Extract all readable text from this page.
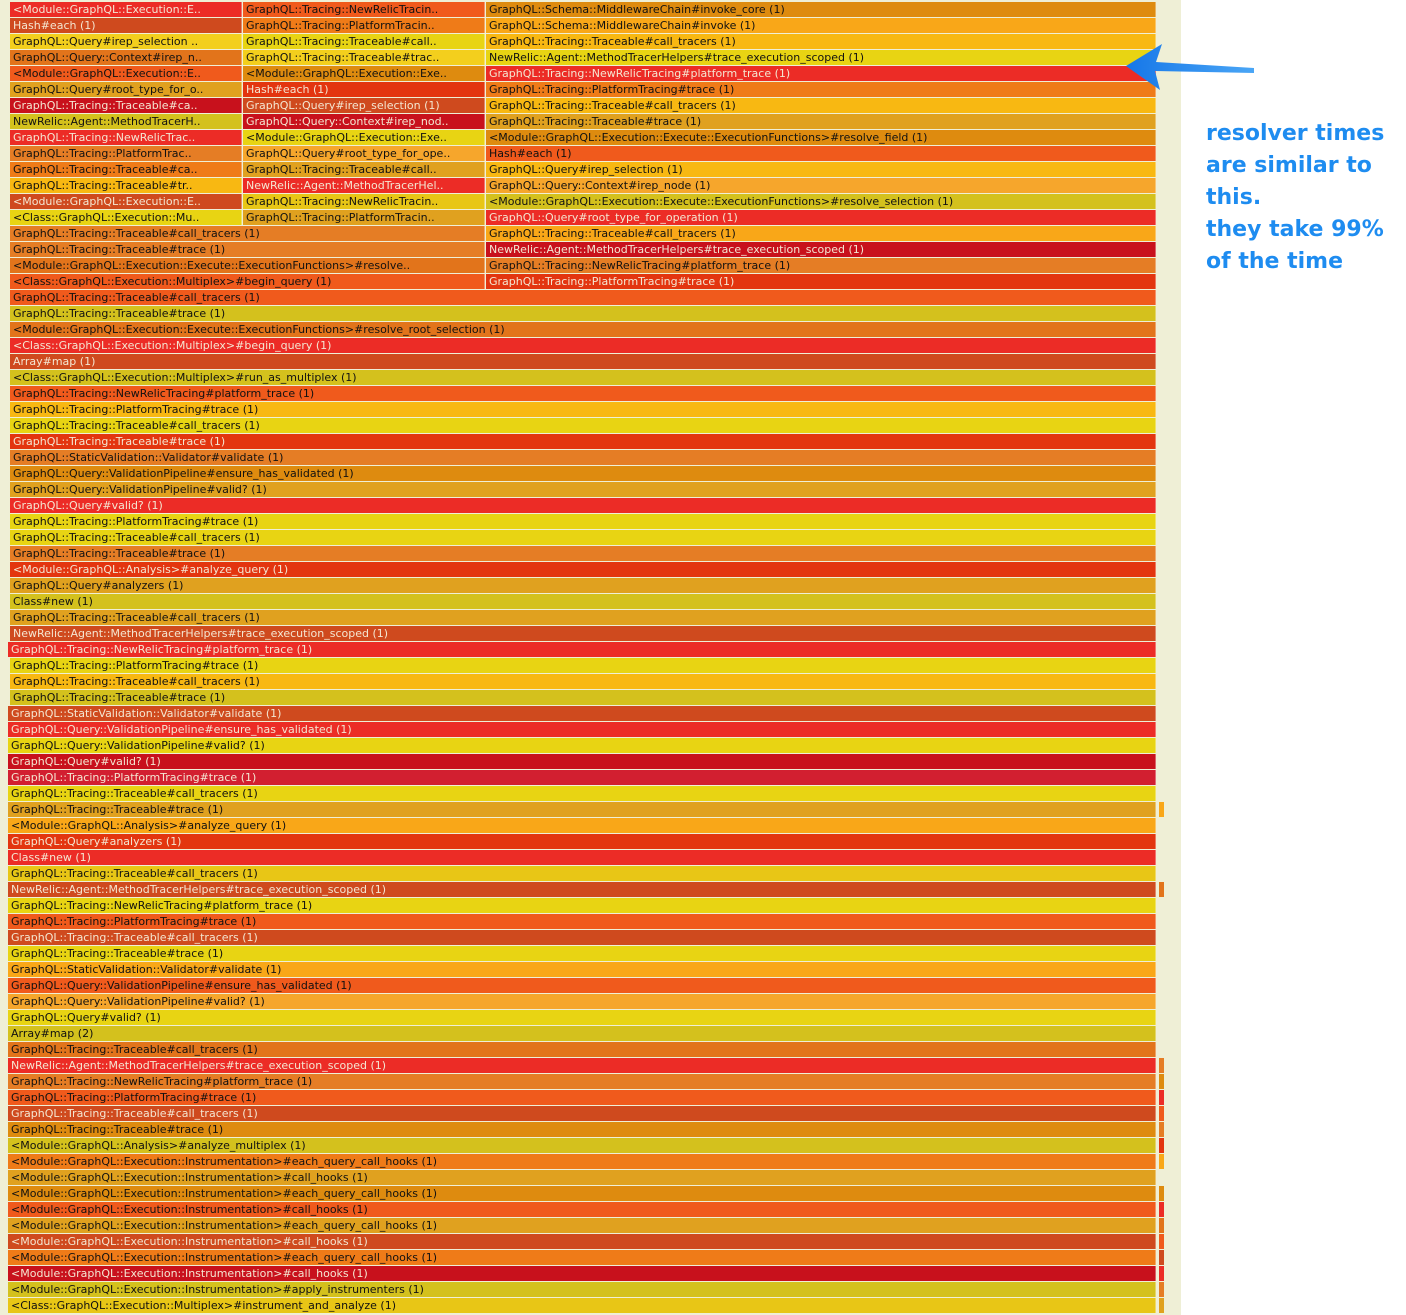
<Module::GraphQL::Execution::E..	GraphQL::Tracing::NewRelicTracin..	GraphQL::Schema::MiddlewareChain#invoke_core (1)
Hash#each (1)	GraphQL::Tracing::PlatformTracin..	GraphQL::Schema::MiddlewareChain#invoke (1)
GraphQL::Query#irep_selection ..	GraphQL::Tracing::Traceable#call..	GraphQL::Tracing::Traceable#call_tracers (1)
GraphQL::Query::Context#irep_n..	GraphQL::Tracing::Traceable#trac..	NewRelic::Agent::MethodTracerHelpers#trace_execution_scoped (1)
<Module::GraphQL::Execution::E..	<Module::GraphQL::Execution::Exe..	GraphQL::Tracing::NewRelicTracing#platform_trace (1)
GraphQL::Query#root_type_for_o..	Hash#each (1)	GraphQL::Tracing::PlatformTracing#trace (1)
GraphQL::Tracing::Traceable#ca..	GraphQL::Query#irep_selection (1)	GraphQL::Tracing::Traceable#call_tracers (1)
NewRelic::Agent::MethodTracerH..	GraphQL::Query::Context#irep_nod..	GraphQL::Tracing::Traceable#trace (1)
GraphQL::Tracing::NewRelicTrac..	<Module::GraphQL::Execution::Exe..	<Module::GraphQL::Execution::Execute::ExecutionFunctions>#resolve_field (1)
GraphQL::Tracing::PlatformTrac..	GraphQL::Query#root_type_for_ope..	Hash#each (1)
GraphQL::Tracing::Traceable#ca..	GraphQL::Tracing::Traceable#call..	GraphQL::Query#irep_selection (1)
GraphQL::Tracing::Traceable#tr..	NewRelic::Agent::MethodTracerHel..	GraphQL::Query::Context#irep_node (1)
<Module::GraphQL::Execution::E..	GraphQL::Tracing::NewRelicTracin..	<Module::GraphQL::Execution::Execute::ExecutionFunctions>#resolve_selection (1)
<Class::GraphQL::Execution::Mu..	GraphQL::Tracing::PlatformTracin..	GraphQL::Query#root_type_for_operation (1)
GraphQL::Tracing::Traceable#call_tracers (1)	GraphQL::Tracing::Traceable#call_tracers (1)
GraphQL::Tracing::Traceable#trace (1)	NewRelic::Agent::MethodTracerHelpers#trace_execution_scoped (1)
<Module::GraphQL::Execution::Execute::ExecutionFunctions>#resolve..	GraphQL::Tracing::NewRelicTracing#platform_trace (1)
<Class::GraphQL::Execution::Multiplex>#begin_query (1)	GraphQL::Tracing::PlatformTracing#trace (1)
GraphQL::Tracing::Traceable#call_tracers (1)
GraphQL::Tracing::Traceable#trace (1)
<Module::GraphQL::Execution::Execute::ExecutionFunctions>#resolve_root_selection (1)
<Class::GraphQL::Execution::Multiplex>#begin_query (1)
Array#map (1)
<Class::GraphQL::Execution::Multiplex>#run_as_multiplex (1)
GraphQL::Tracing::NewRelicTracing#platform_trace (1)
GraphQL::Tracing::PlatformTracing#trace (1)
GraphQL::Tracing::Traceable#call_tracers (1)
GraphQL::Tracing::Traceable#trace (1)
GraphQL::StaticValidation::Validator#validate (1)
GraphQL::Query::ValidationPipeline#ensure_has_validated (1)
GraphQL::Query::ValidationPipeline#valid? (1)
GraphQL::Query#valid? (1)
GraphQL::Tracing::PlatformTracing#trace (1)
GraphQL::Tracing::Traceable#call_tracers (1)
GraphQL::Tracing::Traceable#trace (1)
<Module::GraphQL::Analysis>#analyze_query (1)
GraphQL::Query#analyzers (1)
Class#new (1)
GraphQL::Tracing::Traceable#call_tracers (1)
NewRelic::Agent::MethodTracerHelpers#trace_execution_scoped (1)
GraphQL::Tracing::NewRelicTracing#platform_trace (1)
GraphQL::Tracing::PlatformTracing#trace (1)
GraphQL::Tracing::Traceable#call_tracers (1)
GraphQL::Tracing::Traceable#trace (1)
GraphQL::StaticValidation::Validator#validate (1)
GraphQL::Query::ValidationPipeline#ensure_has_validated (1)
GraphQL::Query::ValidationPipeline#valid? (1)
GraphQL::Query#valid? (1)
GraphQL::Tracing::PlatformTracing#trace (1)
GraphQL::Tracing::Traceable#call_tracers (1)
GraphQL::Tracing::Traceable#trace (1)
<Module::GraphQL::Analysis>#analyze_query (1)
GraphQL::Query#analyzers (1)
Class#new (1)
GraphQL::Tracing::Traceable#call_tracers (1)
NewRelic::Agent::MethodTracerHelpers#trace_execution_scoped (1)
GraphQL::Tracing::NewRelicTracing#platform_trace (1)
GraphQL::Tracing::PlatformTracing#trace (1)
GraphQL::Tracing::Traceable#call_tracers (1)
GraphQL::Tracing::Traceable#trace (1)
GraphQL::StaticValidation::Validator#validate (1)
GraphQL::Query::ValidationPipeline#ensure_has_validated (1)
GraphQL::Query::ValidationPipeline#valid? (1)
GraphQL::Query#valid? (1)
Array#map (2)
GraphQL::Tracing::Traceable#call_tracers (1)
NewRelic::Agent::MethodTracerHelpers#trace_execution_scoped (1)
GraphQL::Tracing::NewRelicTracing#platform_trace (1)
GraphQL::Tracing::PlatformTracing#trace (1)
GraphQL::Tracing::Traceable#call_tracers (1)
GraphQL::Tracing::Traceable#trace (1)
<Module::GraphQL::Analysis>#analyze_multiplex (1)
<Module::GraphQL::Execution::Instrumentation>#each_query_call_hooks (1)
<Module::GraphQL::Execution::Instrumentation>#call_hooks (1)
<Module::GraphQL::Execution::Instrumentation>#each_query_call_hooks (1)
<Module::GraphQL::Execution::Instrumentation>#call_hooks (1)
<Module::GraphQL::Execution::Instrumentation>#each_query_call_hooks (1)
<Module::GraphQL::Execution::Instrumentation>#call_hooks (1)
<Module::GraphQL::Execution::Instrumentation>#each_query_call_hooks (1)
<Module::GraphQL::Execution::Instrumentation>#call_hooks (1)
<Module::GraphQL::Execution::Instrumentation>#apply_instrumenters (1)
<Class::GraphQL::Execution::Multiplex>#instrument_and_analyze (1)
resolver times
are similar to
this.
they take 99%
of the time
